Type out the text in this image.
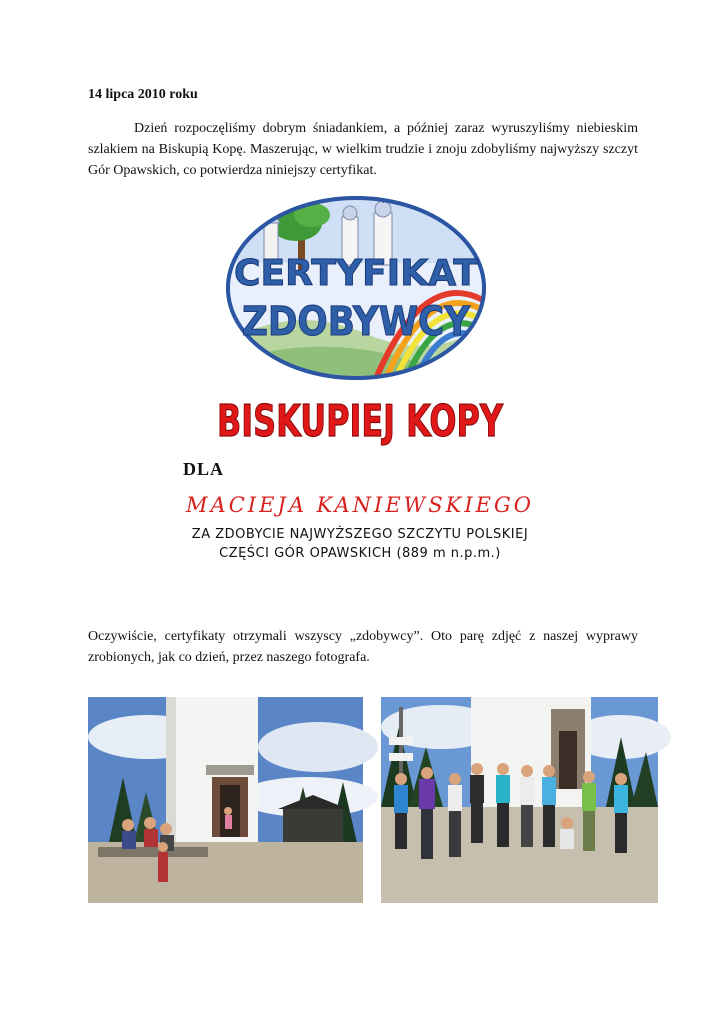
14 lipca 2010 roku
Dzień rozpoczęliśmy dobrym śniadankiem, a później zaraz wyruszyliśmy niebieskim szlakiem na Biskupią Kopę. Maszerując, w wielkim trudzie i znoju zdobyliśmy najwyższy szczyt Gór Opawskich, co potwierdza niniejszy certyfikat.
CERTYFIKAT
ZDOBYWCY
BISKUPIEJ KOPY
DLA
MACIEJA KANIEWSKIEGO
ZA ZDOBYCIE NAJWYŻSZEGO SZCZYTU POLSKIEJ
CZĘŚCI GÓR OPAWSKICH (889 m n.p.m.)
Oczywiście, certyfikaty otrzymali wszyscy „zdobywcy”. Oto parę zdjęć z naszej wyprawy zrobionych, jak co dzień, przez naszego fotografa.
